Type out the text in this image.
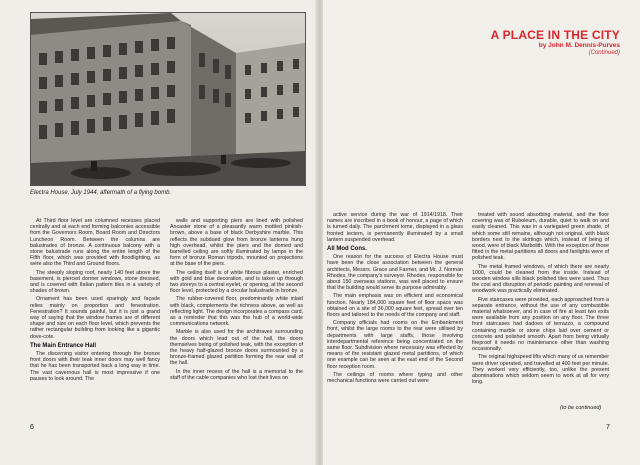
Electra House, July 1944, aftermath of a flying bomb.

At Third floor level are columned recesses placed centrally and at each end forming balconies accessible from the Governors Room, Board Room and Directors Luncheon Room. Between the columns are balustrades of bronze. A continuous balcony with a stone balustrade runs along the entire length of the Fifth floor, which was provided with floodlighting, as were also the Third and Ground floors.

The steeply sloping roof, nearly 140 feet above the basement, is pierced dormer windows, stone dressed, and is covered with Italian pattern tiles in a variety of shades of brown.

Ornament has been used sparingly and façade relies mainly on proportion and fenestration. Fenestration? It sounds painful, but it is just a grand way of saying that the window frames are of different shape and size on each floor level, which prevents the rather rectangular building from looking like a gigantic dove-cote.

The Main Entrance Hall

The discerning visitor entering through the bronze front doors with their teak inner doors may well fancy that he has been transported back a long way in time. The vast cavernous hall is most impressive if one pauses to look around. The

walls and supporting piers are lined with polished Ancaster stone of a pleasantly warm mottled pinkish-brown, above a base of black Derbyshire marble. This reflects the subdued glow from bronze lanterns hung high overhead, whilst the piers and the domed and barrelled ceiling are softly illuminated by lamps in the form of bronze Roman tripods, mounted on projections at the base of the piers.

The ceiling itself is of white fibrous plaster, enriched with gold and blue decoration, and is taken up through two storeys to a central eyelet, or opening, at the second floor level, protected by a circular balustrade in bronze.

The rubber-covered floor, predominantly white inlaid with black, complements the richness above, as well as reflecting light. The design incorporates a compass card, as a reminder that this was the hub of a world-wide communications network.

Marble is also used for the architraves surrounding the doors which lead out of the hall, the doors themselves being of polished teak, with the exception of the heavy half-glazed bronze doors surmounted by a bronze-framed glazed partition forming the rear wall of the hall.

In the inner recess of the hall is a memorial to the staff of the cable companies who lost their lives on

6
A PLACE IN THE CITY
by John M. Dennis-Purves
(Continued)

active service during the war of 1914/1918. Their names are inscribed in a book of honour, a page of which is turned daily. The parchment tome, displayed in a glass fronted lectern, is permanently illuminated by a small lantern suspended overhead.

All Mod Cons.

One reason for the success of Electra House must have been the close association between the general architects, Messrs. Grace and Farmer, and Mr. J. Norman Rhodes, the company's surveyor. Rhodes, responsible for about 150 overseas stations, was well placed to ensure that the building would serve its purpose admirably.

The main emphasis was on efficient and economical function. Nearly 184,000 square feet of floor space was obtained on a site of 36,000 square feet, spread over ten floors and tailored to the needs of the company and staff.

Company officials had rooms on the Embankment front, whilst the large rooms to the rear were utilised by departments with large staffs, those involving interdepartmental reference being concentrated on the same floor. Subdivision where necessary was effected by means of fire resistant glazed metal partitions, of which one example can be seen at the east end of the Second floor reception room.

The ceilings of rooms where typing and other mechanical functions were carried out were

treated with sound absorbing material, and the floor covering was of Ruboleum, durable, quiet to walk on and easily cleaned. This was in a variegated green shade, of which some still remains, although not original, with black borders next to the skirtings which, instead of being of wood, were of black Marbolith. With the exception of those fitted in the metal partitions all doors and fanlights were of polished teak.

The metal framed windows, of which there are nearly 1000, could be cleaned from the inside. Instead of wooden window sills black polished tiles were used. Thus the cost and disruption of periodic painting and renewal of woodwork was practically eliminated.

Five staircases were provided, each approached from a separate entrance, without the use of any combustible material whatsoever, and in case of fire at least two exits were available from any position on any floor. The three front staircases had dadoes of terrazzo, a compound containing marble or stone chips laid over cement or concrete and polished smooth. Apart from being virtually fireproof it needs no maintenance other than washing occasionally.

The original highspeed lifts which many of us remember were driver operated, and travelled at 400 feet per minute. They worked very efficiently, too, unlike the present abominations which seldom seem to work at all for very long.

(to be continued)
7
